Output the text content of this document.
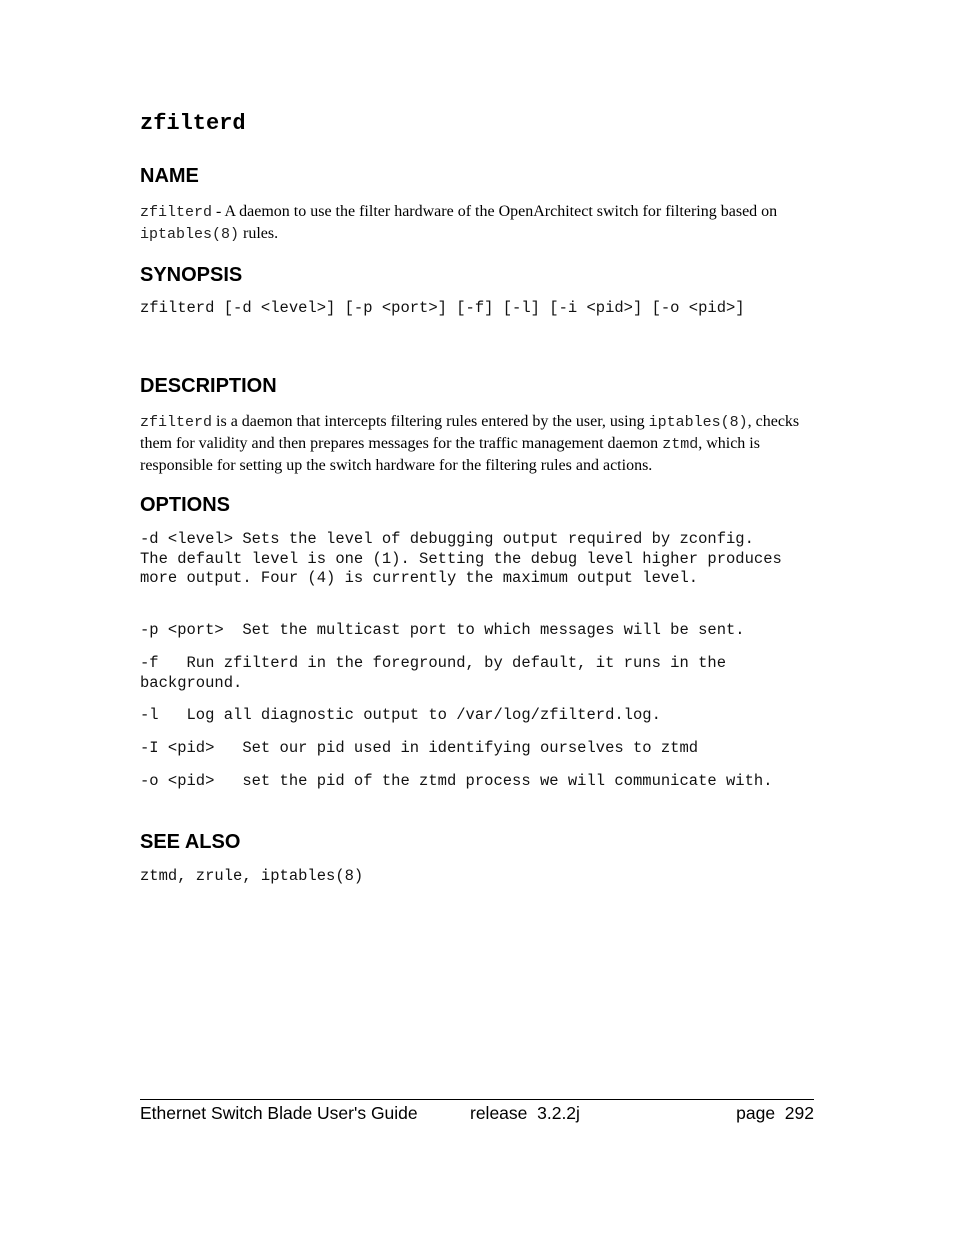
zfilterd
NAME

zfilterd - A daemon to use the filter hardware of the OpenArchitect switch for filtering based on iptables(8) rules.

SYNOPSIS

zfilterd [-d <level>] [-p <port>] [-f] [-l] [-i <pid>] [-o <pid>]

DESCRIPTION

zfilterd is a daemon that intercepts filtering rules entered by the user, using iptables(8), checks them for validity and then prepares messages for the traffic management daemon ztmd, which is responsible for setting up the switch hardware for the filtering rules and actions.

OPTIONS

-d <level> Sets the level of debugging output required by zconfig. The default level is one (1). Setting the debug level higher produces more output. Four (4) is currently the maximum output level.

-p <port>  Set the multicast port to which messages will be sent.

-f   Run zfilterd in the foreground, by default, it runs in the background.

-l   Log all diagnostic output to /var/log/zfilterd.log.

-I <pid>   Set our pid used in identifying ourselves to ztmd

-o <pid>   set the pid of the ztmd process we will communicate with.

SEE ALSO

ztmd, zrule, iptables(8)

Ethernet Switch Blade User's Guide	release  3.2.2j	page  292
